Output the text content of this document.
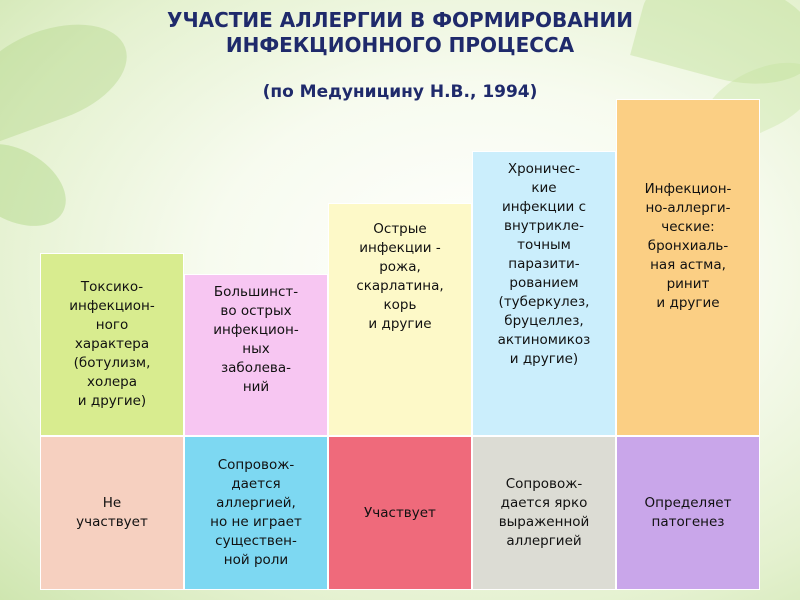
УЧАСТИЕ АЛЛЕРГИИ В ФОРМИРОВАНИИ
ИНФЕКЦИОННОГО ПРОЦЕССА
(по Медуницину Н.В., 1994)
Токсико-
инфекцион-
ного
характера
(ботулизм,
холера
и другие)
Не
участвует
Большинст-
во острых
инфекцион-
ных
заболева-
ний
Сопровож-
дается
аллергией,
но не играет
существен-
ной роли
Острые
инфекции -
рожа,
скарлатина,
корь
и другие
Участвует
Хроничес-
кие
инфекции с
внутрикле-
точным
паразити-
рованием
(туберкулез,
бруцеллез,
актиномикоз
и другие)
Сопровож-
дается ярко
выраженной
аллергией
Инфекцион-
но-аллерги-
ческие:
бронхиаль-
ная астма,
ринит
и другие
Определяет
патогенез
